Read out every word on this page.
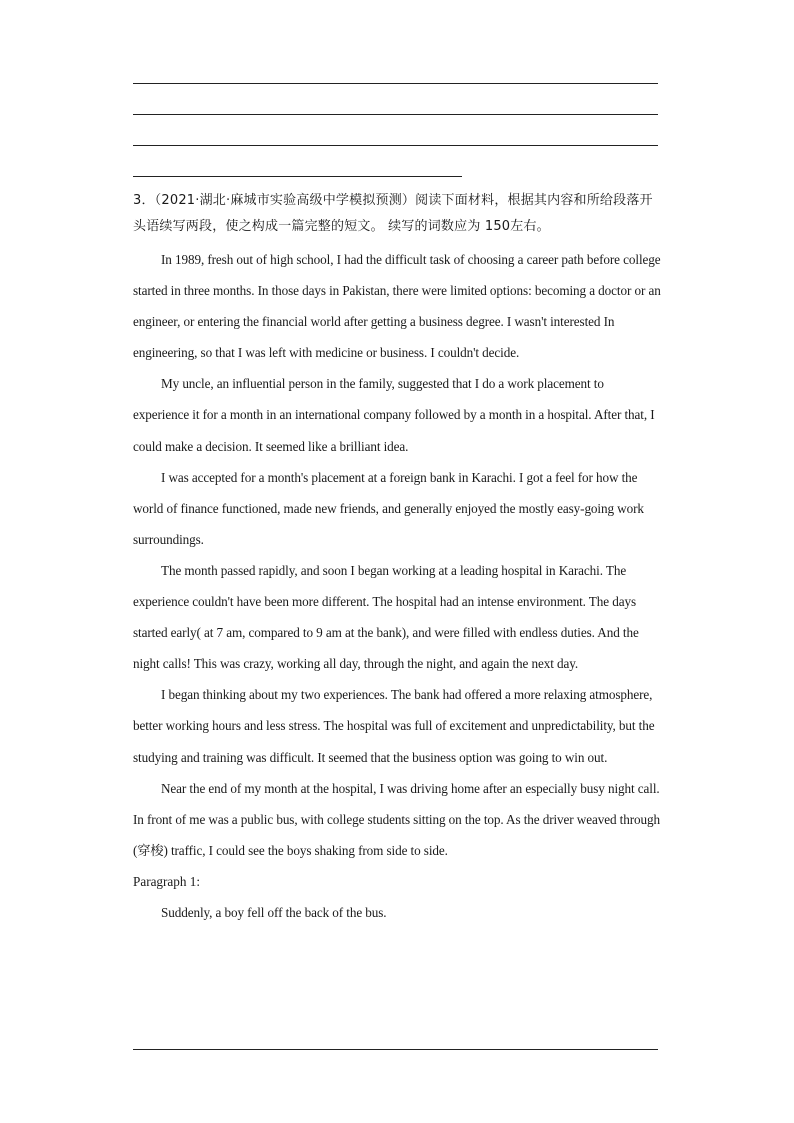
3．（2021·湖北·麻城市实验高级中学模拟预测）阅读下面材料，根据其内容和所给段落开头语续写两段，使之构成一篇完整的短文。 续写的词数应为 150左右。

In 1989, fresh out of high school, I had the difficult task of choosing a career path before college started in three months. In those days in Pakistan, there were limited options: becoming a doctor or an engineer, or entering the financial world after getting a business degree. I wasn't interested In engineering, so that I was left with medicine or business. I couldn't decide.

My uncle, an influential person in the family, suggested that I do a work placement to experience it for a month in an international company followed by a month in a hospital. After that, I could make a decision. It seemed like a brilliant idea.

I was accepted for a month's placement at a foreign bank in Karachi. I got a feel for how the world of finance functioned, made new friends, and generally enjoyed the mostly easy-going work surroundings.

The month passed rapidly, and soon I began working at a leading hospital in Karachi. The experience couldn't have been more different. The hospital had an intense environment. The days started early( at 7 am, compared to 9 am at the bank), and were filled with endless duties. And the night calls! This was crazy, working all day, through the night, and again the next day.

I began thinking about my two experiences. The bank had offered a more relaxing atmosphere, better working hours and less stress. The hospital was full of excitement and unpredictability, but the studying and training was difficult. It seemed that the business option was going to win out.

Near the end of my month at the hospital, I was driving home after an especially busy night call. In front of me was a public bus, with college students sitting on the top. As the driver weaved through (穿梭) traffic, I could see the boys shaking from side to side.

Paragraph 1:

Suddenly, a boy fell off the back of the bus.
